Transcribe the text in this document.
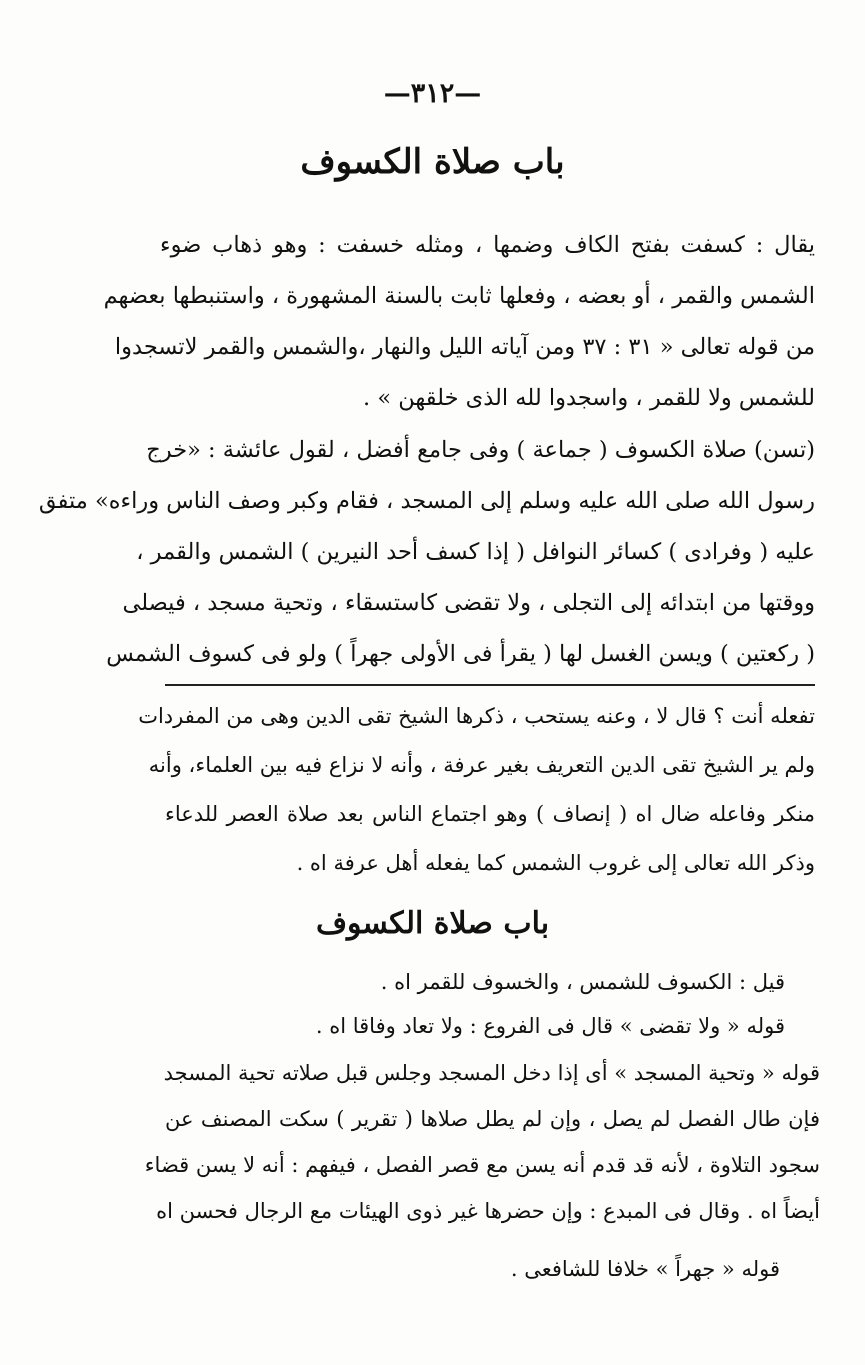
—٣١٢—
باب صلاة الكسوف
يقال : كسفت بفتح الكاف وضمها ، ومثله خسفت : وهو ذهاب ضوء
الشمس والقمر ، أو بعضه ، وفعلها ثابت بالسنة المشهورة ، واستنبطها بعضهم
من قوله تعالى « ٣١ : ٣٧ ومن آياته الليل والنهار ،والشمس والقمر لاتسجدوا
للشمس ولا للقمر ، واسجدوا لله الذى خلقهن » .
(تسن) صلاة الكسوف ( جماعة ) وفى جامع أفضل ، لقول عائشة : «خرج
رسول الله صلى الله عليه وسلم إلى المسجد ، فقام وكبر وصف الناس وراءه» متفق
عليه ( وفرادى ) كسائر النوافل ( إذا كسف أحد النيرين ) الشمس والقمر ،
ووقتها من ابتدائه إلى التجلى ، ولا تقضى كاستسقاء ، وتحية مسجد ، فيصلى
( ركعتين ) ويسن الغسل لها ( يقرأ فى الأولى جهراً ) ولو فى كسوف الشمس
تفعله أنت ؟ قال لا ، وعنه يستحب ، ذكرها الشيخ تقى الدين وهى من المفردات
ولم ير الشيخ تقى الدين التعريف بغير عرفة ، وأنه لا نزاع فيه بين العلماء، وأنه
منكر وفاعله ضال اه ( إنصاف ) وهو اجتماع الناس بعد صلاة العصر للدعاء
وذكر الله تعالى إلى غروب الشمس كما يفعله أهل عرفة اه .
باب صلاة الكسوف
قيل : الكسوف للشمس ، والخسوف للقمر اه .
قوله « ولا تقضى » قال فى الفروع : ولا تعاد وفاقا اه .
قوله « وتحية المسجد » أى إذا دخل المسجد وجلس قبل صلاته تحية المسجد
فإن طال الفصل لم يصل ، وإن لم يطل صلاها ( تقرير ) سكت المصنف عن
سجود التلاوة ، لأنه قد قدم أنه يسن مع قصر الفصل ، فيفهم : أنه لا يسن قضاء
أيضاً اه . وقال فى المبدع : وإن حضرها غير ذوى الهيئات مع الرجال فحسن اه
قوله « جهراً » خلافا للشافعى .
